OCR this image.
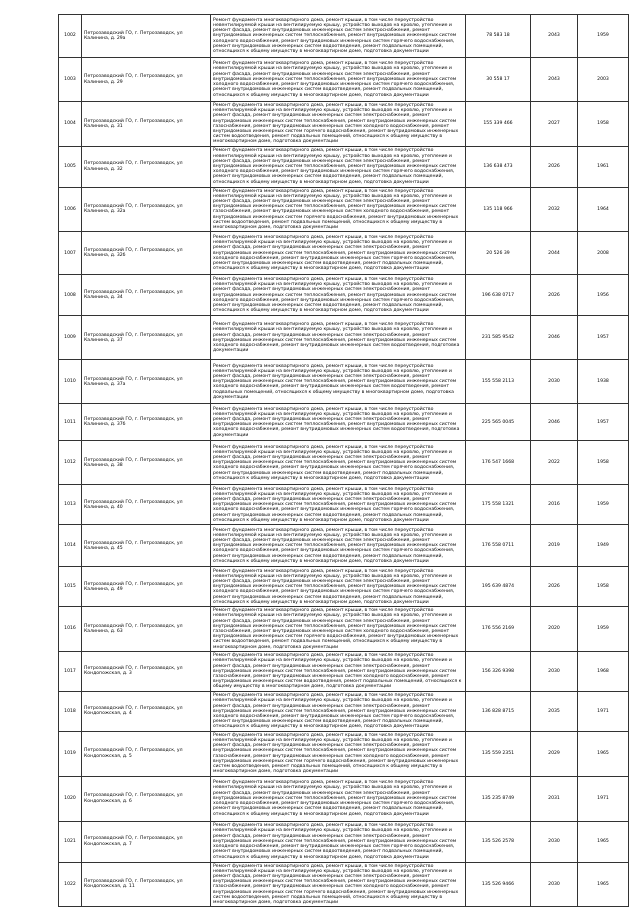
1002	Петрозаводский ГО, г. Петрозаводск, ул Калинина, д. 29а	Ремонт фундамента многоквартирного дома, ремонт крыши, в том числе переустройство невентилируемой крыши на вентилируемую крышу, устройство выходов на кровлю, утепление и ремонт фасада, ремонт внутридомовых инженерных систем электроснабжения, ремонт внутридомовых инженерных систем теплоснабжения, ремонт внутридомовых инженерных систем холодного водоснабжения, ремонт внутридомовых инженерных систем горячего водоснабжения, ремонт внутридомовых инженерных систем водоотведения, ремонт подвальных помещений, относящихся к общему имуществу в многоквартирном доме, подготовка документации	78 583 18	2043	1959
1003	Петрозаводский ГО, г. Петрозаводск, ул Калинина, д. 29	Ремонт фундамента многоквартирного дома, ремонт крыши, в том числе переустройство невентилируемой крыши на вентилируемую крышу, устройство выходов на кровлю, утепление и ремонт фасада, ремонт внутридомовых инженерных систем электроснабжения, ремонт внутридомовых инженерных систем теплоснабжения, ремонт внутридомовых инженерных систем холодного водоснабжения, ремонт внутридомовых инженерных систем горячего водоснабжения, ремонт внутридомовых инженерных систем водоотведения, ремонт подвальных помещений, относящихся к общему имуществу в многоквартирном доме, подготовка документации	30 558 17	2043	2003
1004	Петрозаводский ГО, г. Петрозаводск, ул Калинина, д. 31	Ремонт фундамента многоквартирного дома, ремонт крыши, в том числе переустройство невентилируемой крыши на вентилируемую крышу, устройство выходов на кровлю, утепление и ремонт фасада, ремонт внутридомовых инженерных систем электроснабжения, ремонт внутридомовых инженерных систем теплоснабжения, ремонт внутридомовых инженерных систем газоснабжения, ремонт внутридомовых инженерных систем холодного водоснабжения, ремонт внутридомовых инженерных систем горячего водоснабжения, ремонт внутридомовых инженерных систем водоотведения, ремонт подвальных помещений, относящихся к общему имуществу в многоквартирном доме, подготовка документации	155 339 466	2027	1958
1005	Петрозаводский ГО, г. Петрозаводск, ул Калинина, д. 32	Ремонт фундамента многоквартирного дома, ремонт крыши, в том числе переустройство невентилируемой крыши на вентилируемую крышу, устройство выходов на кровлю, утепление и ремонт фасада, ремонт внутридомовых инженерных систем электроснабжения, ремонт внутридомовых инженерных систем теплоснабжения, ремонт внутридомовых инженерных систем холодного водоснабжения, ремонт внутридомовых инженерных систем горячего водоснабжения, ремонт внутридомовых инженерных систем водоотведения, ремонт подвальных помещений, относящихся к общему имуществу в многоквартирном доме, подготовка документации	136 638 473	2026	1961
1006	Петрозаводский ГО, г. Петрозаводск, ул Калинина, д. 32а	Ремонт фундамента многоквартирного дома, ремонт крыши, в том числе переустройство невентилируемой крыши на вентилируемую крышу, устройство выходов на кровлю, утепление и ремонт фасада, ремонт внутридомовых инженерных систем электроснабжения, ремонт внутридомовых инженерных систем теплоснабжения, ремонт внутридомовых инженерных систем газоснабжения, ремонт внутридомовых инженерных систем холодного водоснабжения, ремонт внутридомовых инженерных систем горячего водоснабжения, ремонт внутридомовых инженерных систем водоотведения, ремонт подвальных помещений, относящихся к общему имуществу в многоквартирном доме, подготовка документации	135 118 966	2032	1964
1007	Петрозаводский ГО, г. Петрозаводск, ул Калинина, д. 32б	Ремонт фундамента многоквартирного дома, ремонт крыши, в том числе переустройство невентилируемой крыши на вентилируемую крышу, устройство выходов на кровлю, утепление и ремонт фасада, ремонт внутридомовых инженерных систем электроснабжения, ремонт внутридомовых инженерных систем теплоснабжения, ремонт внутридомовых инженерных систем холодного водоснабжения, ремонт внутридомовых инженерных систем горячего водоснабжения, ремонт внутридомовых инженерных систем водоотведения, ремонт подвальных помещений, относящихся к общему имуществу в многоквартирном доме, подготовка документации	20 526 39	2044	2008
1008	Петрозаводский ГО, г. Петрозаводск, ул Калинина, д. 34	Ремонт фундамента многоквартирного дома, ремонт крыши, в том числе переустройство невентилируемой крыши на вентилируемую крышу, устройство выходов на кровлю, утепление и ремонт фасада, ремонт внутридомовых инженерных систем электроснабжения, ремонт внутридомовых инженерных систем теплоснабжения, ремонт внутридомовых инженерных систем холодного водоснабжения, ремонт внутридомовых инженерных систем горячего водоснабжения, ремонт внутридомовых инженерных систем водоотведения, ремонт подвальных помещений, относящихся к общему имуществу в многоквартирном доме, подготовка документации	196 638 0717	2026	1956
1009	Петрозаводский ГО, г. Петрозаводск, ул Калинина, д. 37	Ремонт фундамента многоквартирного дома, ремонт крыши, в том числе переустройство невентилируемой крыши на вентилируемую крышу, устройство выходов на кровлю, утепление и ремонт фасада, ремонт внутридомовых инженерных систем электроснабжения, ремонт внутридомовых инженерных систем теплоснабжения, ремонт внутридомовых инженерных систем холодного водоснабжения, ремонт внутридомовых инженерных систем водоотведения, подготовка документации	231 585 9542	2046	1957
1010	Петрозаводский ГО, г. Петрозаводск, ул Калинина, д. 37а	Ремонт фундамента многоквартирного дома, ремонт крыши, в том числе переустройство невентилируемой крыши на вентилируемую крышу, устройство выходов на кровлю, утепление и ремонт фасада, ремонт внутридомовых инженерных систем электроснабжения, ремонт внутридомовых инженерных систем теплоснабжения, ремонт внутридомовых инженерных систем холодного водоснабжения, ремонт внутридомовых инженерных систем водоотведения, ремонт подвальных помещений, относящихся к общему имуществу в многоквартирном доме, подготовка документации	155 558 2113	2030	1938
1011	Петрозаводский ГО, г. Петрозаводск, ул Калинина, д. 37б	Ремонт фундамента многоквартирного дома, ремонт крыши, в том числе переустройство невентилируемой крыши на вентилируемую крышу, устройство выходов на кровлю, утепление и ремонт фасада, ремонт внутридомовых инженерных систем электроснабжения, ремонт внутридомовых инженерных систем теплоснабжения, ремонт внутридомовых инженерных систем холодного водоснабжения, ремонт внутридомовых инженерных систем водоотведения, подготовка документации	225 565 0045	2046	1957
1012	Петрозаводский ГО, г. Петрозаводск, ул Калинина, д. 38	Ремонт фундамента многоквартирного дома, ремонт крыши, в том числе переустройство невентилируемой крыши на вентилируемую крышу, устройство выходов на кровлю, утепление и ремонт фасада, ремонт внутридомовых инженерных систем электроснабжения, ремонт внутридомовых инженерных систем теплоснабжения, ремонт внутридомовых инженерных систем холодного водоснабжения, ремонт внутридомовых инженерных систем горячего водоснабжения, ремонт внутридомовых инженерных систем водоотведения, ремонт подвальных помещений, относящихся к общему имуществу в многоквартирном доме, подготовка документации	176 547 1668	2022	1958
1013	Петрозаводский ГО, г. Петрозаводск, ул Калинина, д. 40	Ремонт фундамента многоквартирного дома, ремонт крыши, в том числе переустройство невентилируемой крыши на вентилируемую крышу, устройство выходов на кровлю, утепление и ремонт фасада, ремонт внутридомовых инженерных систем электроснабжения, ремонт внутридомовых инженерных систем теплоснабжения, ремонт внутридомовых инженерных систем холодного водоснабжения, ремонт внутридомовых инженерных систем горячего водоснабжения, ремонт внутридомовых инженерных систем водоотведения, ремонт подвальных помещений, относящихся к общему имуществу в многоквартирном доме, подготовка документации	175 558 1321	2016	1959
1014	Петрозаводский ГО, г. Петрозаводск, ул Калинина, д. 45	Ремонт фундамента многоквартирного дома, ремонт крыши, в том числе переустройство невентилируемой крыши на вентилируемую крышу, устройство выходов на кровлю, утепление и ремонт фасада, ремонт внутридомовых инженерных систем электроснабжения, ремонт внутридомовых инженерных систем теплоснабжения, ремонт внутридомовых инженерных систем холодного водоснабжения, ремонт внутридомовых инженерных систем горячего водоснабжения, ремонт внутридомовых инженерных систем водоотведения, ремонт подвальных помещений, относящихся к общему имуществу в многоквартирном доме, подготовка документации	176 558 0711	2019	1949
1015	Петрозаводский ГО, г. Петрозаводск, ул Калинина, д. 49	Ремонт фундамента многоквартирного дома, ремонт крыши, в том числе переустройство невентилируемой крыши на вентилируемую крышу, устройство выходов на кровлю, утепление и ремонт фасада, ремонт внутридомовых инженерных систем электроснабжения, ремонт внутридомовых инженерных систем теплоснабжения, ремонт внутридомовых инженерных систем холодного водоснабжения, ремонт внутридомовых инженерных систем горячего водоснабжения, ремонт внутридомовых инженерных систем водоотведения, ремонт подвальных помещений, относящихся к общему имуществу в многоквартирном доме, подготовка документации	195 639 4874	2026	1958
1016	Петрозаводский ГО, г. Петрозаводск, ул Калинина, д. 63	Ремонт фундамента многоквартирного дома, ремонт крыши, в том числе переустройство невентилируемой крыши на вентилируемую крышу, устройство выходов на кровлю, утепление и ремонт фасада, ремонт внутридомовых инженерных систем электроснабжения, ремонт внутридомовых инженерных систем теплоснабжения, ремонт внутридомовых инженерных систем газоснабжения, ремонт внутридомовых инженерных систем холодного водоснабжения, ремонт внутридомовых инженерных систем горячего водоснабжения, ремонт внутридомовых инженерных систем водоотведения, ремонт подвальных помещений, относящихся к общему имуществу в многоквартирном доме, подготовка документации	176 556 2169	2020	1959
1017	Петрозаводский ГО, г. Петрозаводск, ул Кондопожская, д. 3	Ремонт фундамента многоквартирного дома, ремонт крыши, в том числе переустройство невентилируемой крыши на вентилируемую крышу, устройство выходов на кровлю, утепление и ремонт фасада, ремонт внутридомовых инженерных систем электроснабжения, ремонт внутридомовых инженерных систем теплоснабжения, ремонт внутридомовых инженерных систем газоснабжения, ремонт внутридомовых инженерных систем холодного водоснабжения, ремонт внутридомовых инженерных систем водоотведения, ремонт подвальных помещений, относящихся к общему имуществу в многоквартирном доме, подготовка документации	156 326 9398	2030	1968
1018	Петрозаводский ГО, г. Петрозаводск, ул Кондопожская, д. 4	Ремонт фундамента многоквартирного дома, ремонт крыши, в том числе переустройство невентилируемой крыши на вентилируемую крышу, устройство выходов на кровлю, утепление и ремонт фасада, ремонт внутридомовых инженерных систем электроснабжения, ремонт внутридомовых инженерных систем теплоснабжения, ремонт внутридомовых инженерных систем холодного водоснабжения, ремонт внутридомовых инженерных систем горячего водоснабжения, ремонт внутридомовых инженерных систем водоотведения, ремонт подвальных помещений, относящихся к общему имуществу в многоквартирном доме, подготовка документации	136 828 8715	2035	1971
1019	Петрозаводский ГО, г. Петрозаводск, ул Кондопожская, д. 5	Ремонт фундамента многоквартирного дома, ремонт крыши, в том числе переустройство невентилируемой крыши на вентилируемую крышу, устройство выходов на кровлю, утепление и ремонт фасада, ремонт внутридомовых инженерных систем электроснабжения, ремонт внутридомовых инженерных систем теплоснабжения, ремонт внутридомовых инженерных систем газоснабжения, ремонт внутридомовых инженерных систем холодного водоснабжения, ремонт внутридомовых инженерных систем горячего водоснабжения, ремонт внутридомовых инженерных систем водоотведения, ремонт подвальных помещений, относящихся к общему имуществу в многоквартирном доме, подготовка документации	135 559 2351	2029	1965
1020	Петрозаводский ГО, г. Петрозаводск, ул Кондопожская, д. 6	Ремонт фундамента многоквартирного дома, ремонт крыши, в том числе переустройство невентилируемой крыши на вентилируемую крышу, устройство выходов на кровлю, утепление и ремонт фасада, ремонт внутридомовых инженерных систем электроснабжения, ремонт внутридомовых инженерных систем теплоснабжения, ремонт внутридомовых инженерных систем холодного водоснабжения, ремонт внутридомовых инженерных систем горячего водоснабжения, ремонт внутридомовых инженерных систем водоотведения, ремонт подвальных помещений, относящихся к общему имуществу в многоквартирном доме, подготовка документации	135 235 8749	2031	1971
1021	Петрозаводский ГО, г. Петрозаводск, ул Кондопожская, д. 7	Ремонт фундамента многоквартирного дома, ремонт крыши, в том числе переустройство невентилируемой крыши на вентилируемую крышу, устройство выходов на кровлю, утепление и ремонт фасада, ремонт внутридомовых инженерных систем электроснабжения, ремонт внутридомовых инженерных систем теплоснабжения, ремонт внутридомовых инженерных систем холодного водоснабжения, ремонт внутридомовых инженерных систем горячего водоснабжения, ремонт внутридомовых инженерных систем водоотведения, ремонт подвальных помещений, относящихся к общему имуществу в многоквартирном доме, подготовка документации	135 526 2578	2030	1965
1022	Петрозаводский ГО, г. Петрозаводск, ул Кондопожская, д. 11	Ремонт фундамента многоквартирного дома, ремонт крыши, в том числе переустройство невентилируемой крыши на вентилируемую крышу, устройство выходов на кровлю, утепление и ремонт фасада, ремонт внутридомовых инженерных систем электроснабжения, ремонт внутридомовых инженерных систем теплоснабжения, ремонт внутридомовых инженерных систем газоснабжения, ремонт внутридомовых инженерных систем холодного водоснабжения, ремонт внутридомовых инженерных систем горячего водоснабжения, ремонт внутридомовых инженерных систем водоотведения, ремонт подвальных помещений, относящихся к общему имуществу в многоквартирном доме, подготовка документации	135 526 9466	2030	1965
